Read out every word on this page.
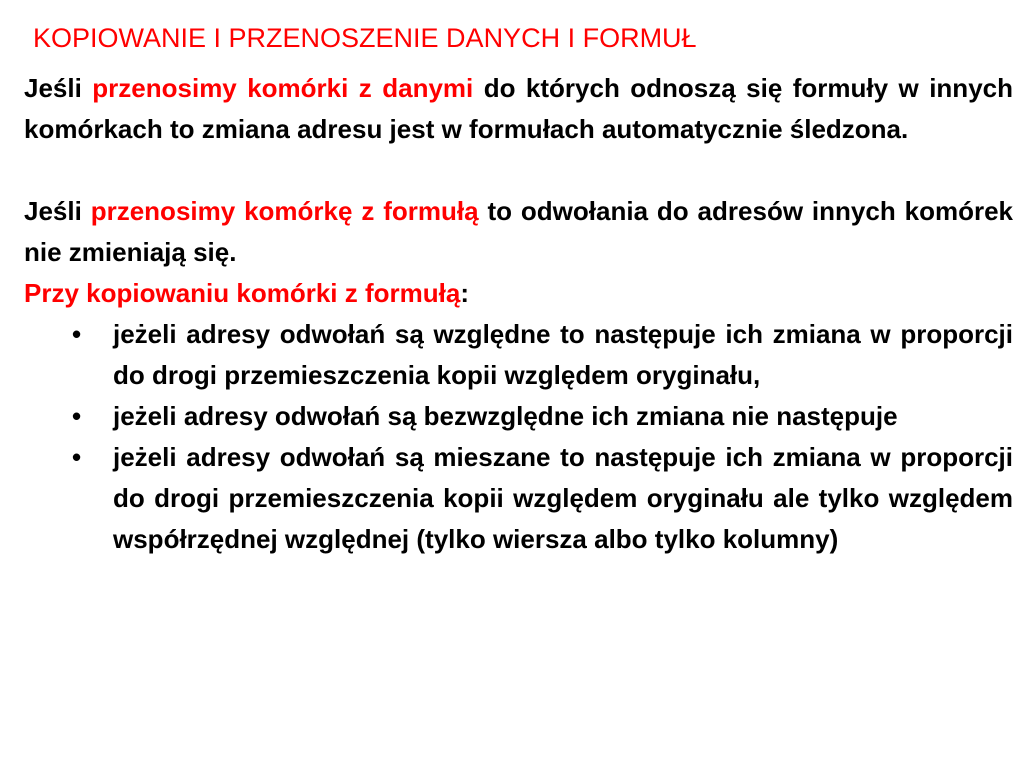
KOPIOWANIE I PRZENOSZENIE DANYCH I FORMUŁ

Jeśli przenosimy komórki z danymi do których odnoszą się formuły w innych komórkach to zmiana adresu jest w formułach automatycznie śledzona.

Jeśli przenosimy komórkę z formułą to odwołania do adresów innych komórek nie zmieniają się.

Przy kopiowaniu komórki z formułą:

• jeżeli adresy odwołań są względne to następuje ich zmiana w proporcji do drogi przemieszczenia kopii względem oryginału,
• jeżeli adresy odwołań są bezwzględne ich zmiana nie następuje
• jeżeli adresy odwołań są mieszane to następuje ich zmiana w proporcji do drogi przemieszczenia kopii względem oryginału ale tylko względem współrzędnej względnej (tylko wiersza albo tylko kolumny)
